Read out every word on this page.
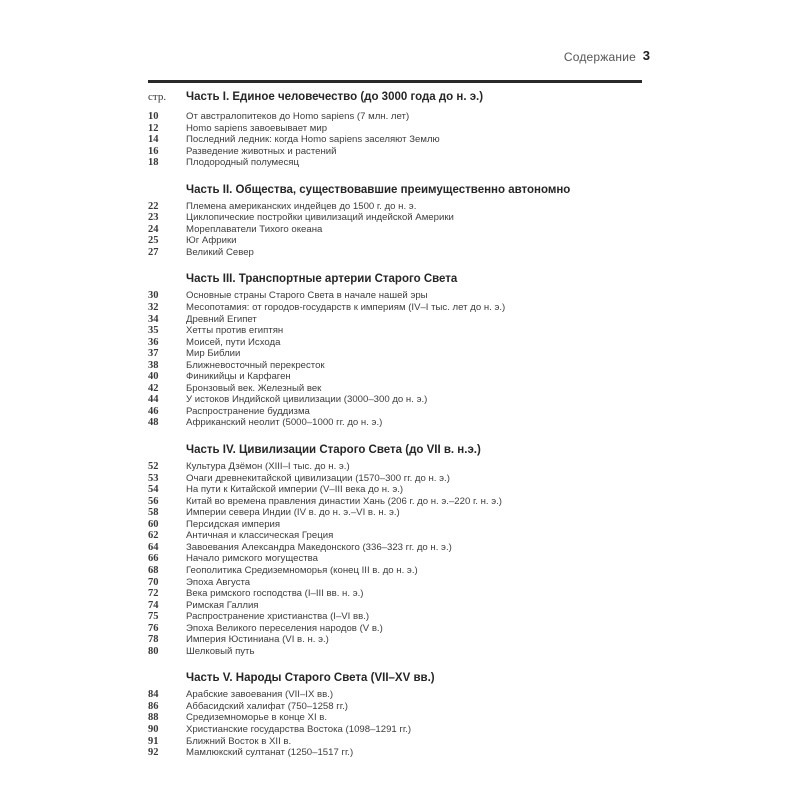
Содержание 3
стр.	Часть I. Единое человечество (до 3000 года до н. э.)
10	От австралопитеков до Homo sapiens (7 млн. лет)
12	Homo sapiens завоевывает мир
14	Последний ледник: когда Homo sapiens заселяют Землю
16	Разведение животных и растений
18	Плодородный полумесяц
Часть II. Общества, существовавшие преимущественно автономно
22	Племена американских индейцев до 1500 г. до н. э.
23	Циклопические постройки цивилизаций индейской Америки
24	Мореплаватели Тихого океана
25	Юг Африки
27	Великий Север
Часть III. Транспортные артерии Старого Света
30	Основные страны Старого Света в начале нашей эры
32	Месопотамия: от городов-государств к империям (IV–I тыс. лет до н. э.)
34	Древний Египет
35	Хетты против египтян
36	Моисей, пути Исхода
37	Мир Библии
38	Ближневосточный перекресток
40	Финикийцы и Карфаген
42	Бронзовый век. Железный век
44	У истоков Индийской цивилизации (3000–300 до н. э.)
46	Распространение буддизма
48	Африканский неолит (5000–1000 гг. до н. э.)
Часть IV. Цивилизации Старого Света (до VII в. н.э.)
52	Культура Дзёмон (XIII–I тыс. до н. э.)
53	Очаги древнекитайской цивилизации (1570–300 гг. до н. э.)
54	На пути к Китайской империи (V–III века до н. э.)
56	Китай во времена правления династии Хань (206 г. до н. э.–220 г. н. э.)
58	Империи севера Индии (IV в. до н. э.–VI в. н. э.)
60	Персидская империя
62	Античная и классическая Греция
64	Завоевания Александра Македонского (336–323 гг. до н. э.)
66	Начало римского могущества
68	Геополитика Средиземноморья (конец III в. до н. э.)
70	Эпоха Августа
72	Века римского господства (I–III вв. н. э.)
74	Римская Галлия
75	Распространение христианства (I–VI вв.)
76	Эпоха Великого переселения народов (V в.)
78	Империя Юстиниана (VI в. н. э.)
80	Шелковый путь
Часть V. Народы Старого Света (VII–XV вв.)
84	Арабские завоевания (VII–IX вв.)
86	Аббасидский халифат (750–1258 гг.)
88	Средиземноморье в конце XI в.
90	Христианские государства Востока (1098–1291 гг.)
91	Ближний Восток в XII в.
92	Мамлюкский султанат (1250–1517 гг.)
